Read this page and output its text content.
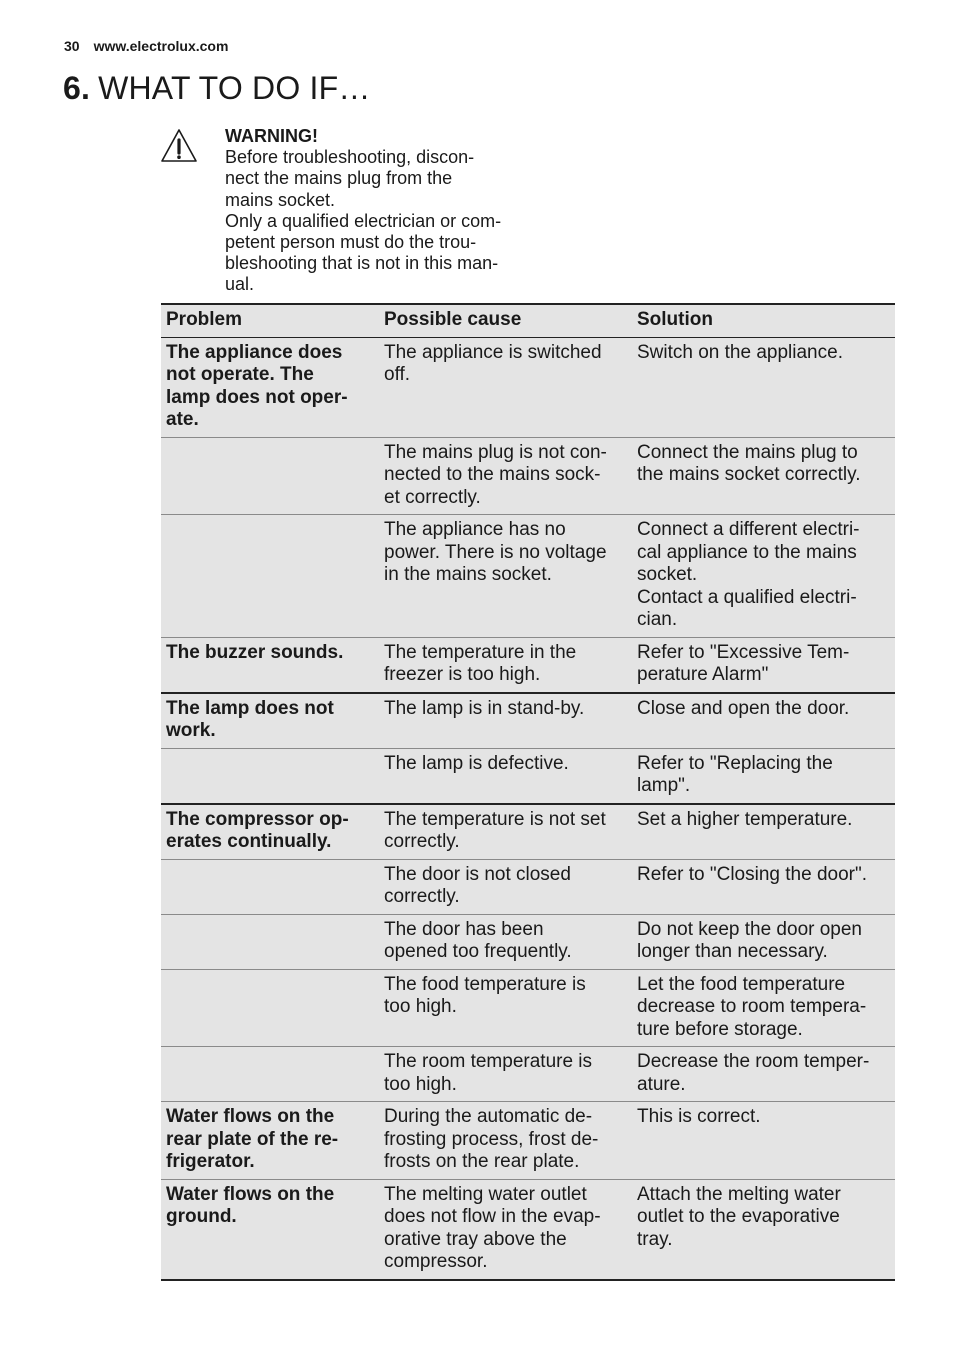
30 www.electrolux.com
6. WHAT TO DO IF…
WARNING!
Before troubleshooting, discon-
nect the mains plug from the
mains socket.
Only a qualified electrician or com-
petent person must do the trou-
bleshooting that is not in this man-
ual.
Problem	Possible cause	Solution

The appliance does
not operate. The
lamp does not oper-
ate.	The appliance is switched
off.	Switch on the appliance.

	The mains plug is not con-
nected to the mains sock-
et correctly.	Connect the mains plug to
the mains socket correctly.

	The appliance has no
power. There is no voltage
in the mains socket.	Connect a different electri-
cal appliance to the mains
socket.
Contact a qualified electri-
cian.

The buzzer sounds.	The temperature in the
freezer is too high.	Refer to "Excessive Tem-
perature Alarm"

The lamp does not
work.	The lamp is in stand-by.	Close and open the door.

	The lamp is defective.	Refer to "Replacing the
lamp".

The compressor op-
erates continually.	The temperature is not set
correctly.	Set a higher temperature.

	The door is not closed
correctly.	Refer to "Closing the door".

	The door has been
opened too frequently.	Do not keep the door open
longer than necessary.

	The food temperature is
too high.	Let the food temperature
decrease to room tempera-
ture before storage.

	The room temperature is
too high.	Decrease the room temper-
ature.

Water flows on the
rear plate of the re-
frigerator.	During the automatic de-
frosting process, frost de-
frosts on the rear plate.	This is correct.

Water flows on the
ground.	The melting water outlet
does not flow in the evap-
orative tray above the
compressor.	Attach the melting water
outlet to the evaporative
tray.
